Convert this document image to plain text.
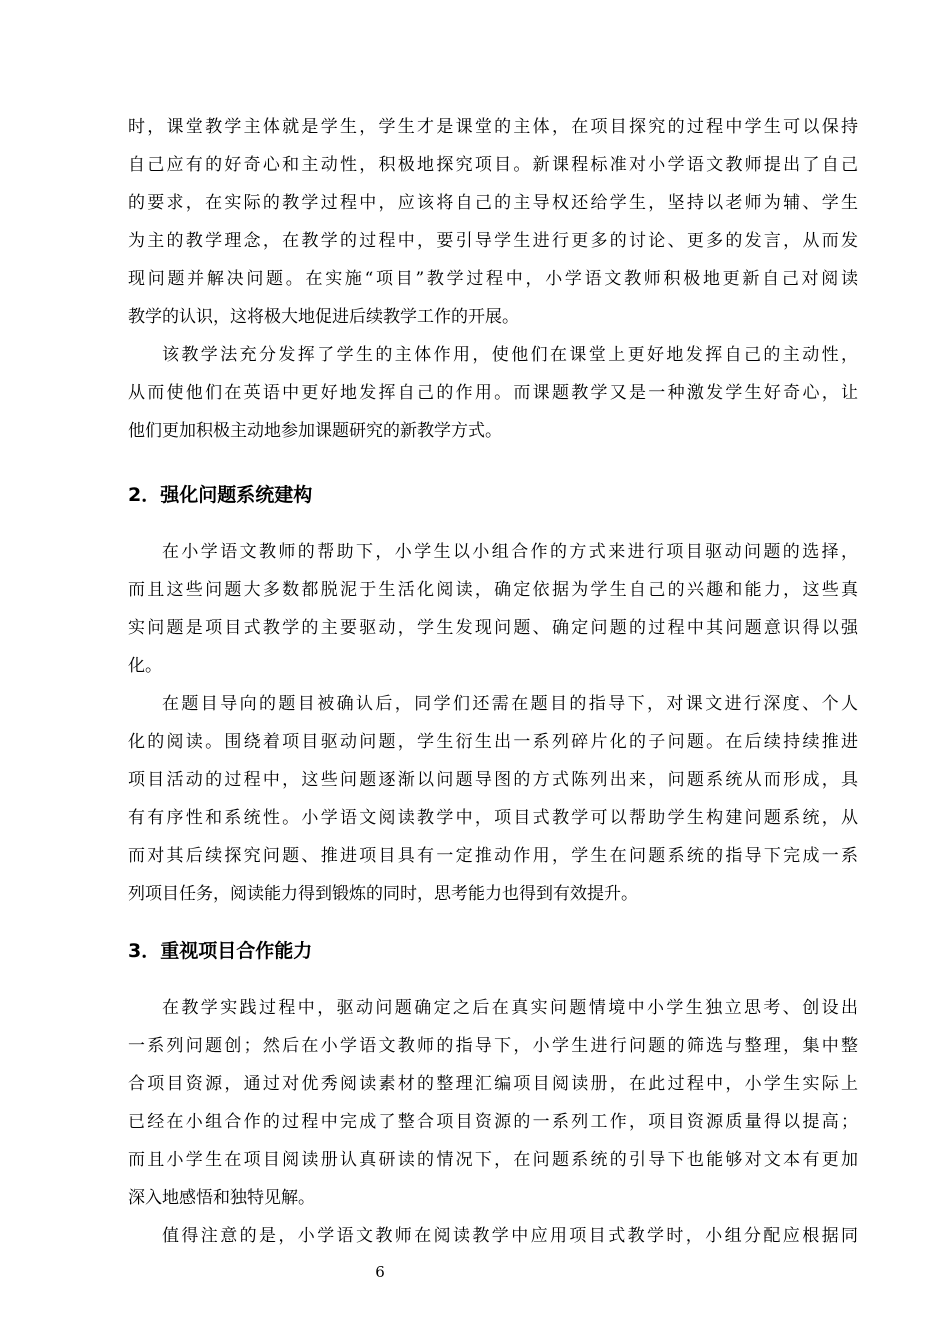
时，课堂教学主体就是学生，学生才是课堂的主体，在项目探究的过程中学生可以保持
自己应有的好奇心和主动性，积极地探究项目。新课程标准对小学语文教师提出了自己
的要求，在实际的教学过程中，应该将自己的主导权还给学生，坚持以老师为辅、学生
为主的教学理念，在教学的过程中，要引导学生进行更多的讨论、更多的发言，从而发
现问题并解决问题。在实施“项目”教学过程中，小学语文教师积极地更新自己对阅读
教学的认识，这将极大地促进后续教学工作的开展。
该教学法充分发挥了学生的主体作用，使他们在课堂上更好地发挥自己的主动性，
从而使他们在英语中更好地发挥自己的作用。而课题教学又是一种激发学生好奇心，让
他们更加积极主动地参加课题研究的新教学方式。
2．强化问题系统建构
在小学语文教师的帮助下，小学生以小组合作的方式来进行项目驱动问题的选择，
而且这些问题大多数都脱泥于生活化阅读，确定依据为学生自己的兴趣和能力，这些真
实问题是项目式教学的主要驱动，学生发现问题、确定问题的过程中其问题意识得以强
化。
在题目导向的题目被确认后，同学们还需在题目的指导下，对课文进行深度、个人
化的阅读。围绕着项目驱动问题，学生衍生出一系列碎片化的子问题。在后续持续推进
项目活动的过程中，这些问题逐渐以问题导图的方式陈列出来，问题系统从而形成，具
有有序性和系统性。小学语文阅读教学中，项目式教学可以帮助学生构建问题系统，从
而对其后续探究问题、推进项目具有一定推动作用，学生在问题系统的指导下完成一系
列项目任务，阅读能力得到锻炼的同时，思考能力也得到有效提升。
3．重视项目合作能力
在教学实践过程中，驱动问题确定之后在真实问题情境中小学生独立思考、创设出
一系列问题创；然后在小学语文教师的指导下，小学生进行问题的筛选与整理，集中整
合项目资源，通过对优秀阅读素材的整理汇编项目阅读册，在此过程中，小学生实际上
已经在小组合作的过程中完成了整合项目资源的一系列工作，项目资源质量得以提高；
而且小学生在项目阅读册认真研读的情况下，在问题系统的引导下也能够对文本有更加
深入地感悟和独特见解。
值得注意的是，小学语文教师在阅读教学中应用项目式教学时，小组分配应根据同
6
